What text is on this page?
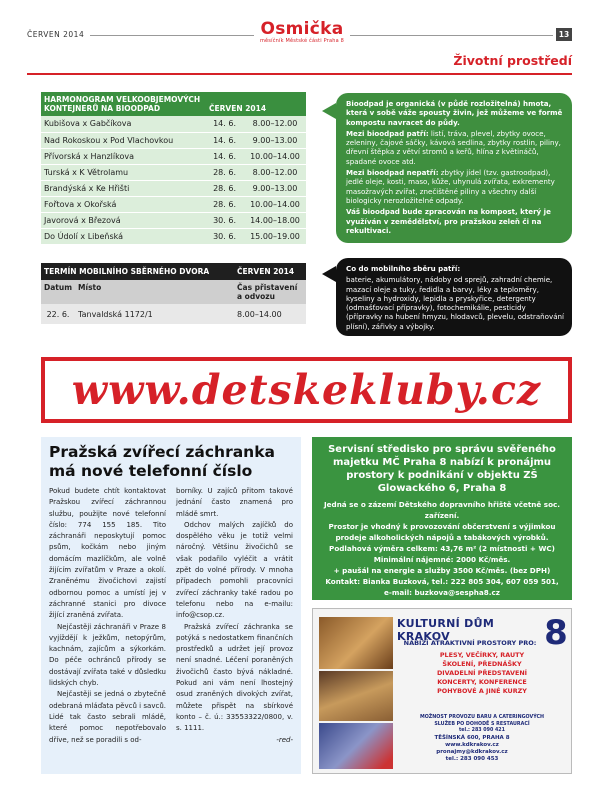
ČERVEN 2014	Osmička
měsíčník Městské části Praha 8
13
Životní prostředí
HARMONOGRAM VELKOOBJEMOVÝCH KONTEJNERŮ NA BIOODPAD	ČERVEN 2014	
Kubišova x Gabčíkova	14. 6.	8.00–12.00
Nad Rokoskou x Pod Vlachovkou	14. 6.	9.00–13.00
Přívorská x Hanzlíkova	14. 6.	10.00–14.00
Turská x K Větrolamu	28. 6.	8.00–12.00
Brandýská x Ke Hřišti	28. 6.	9.00–13.00
Fořtova x Okořská	28. 6.	10.00–14.00
Javorová x Březová	30. 6.	14.00–18.00
Do Údolí x Libeňská	30. 6.	15.00–19.00

Bioodpad je organická (v půdě rozložitelná) hmota, která v sobě váže spousty živin, jež můžeme ve formě kompostu navracet do půdy.

Mezi bioodpad patří: listí, tráva, plevel, zbytky ovoce, zeleniny, čajové sáčky, kávová sedlina, zbytky rostlin, piliny, dřevní štěpka z větví stromů a keřů, hlína z květináčů, spadané ovoce atd.

Mezi bioodpad nepatří: zbytky jídel (tzv. gastroodpad), jedlé oleje, kosti, maso, kůže, uhynulá zvířata, exkrementy masožravých zvířat, znečištěné piliny a všechny další biologicky nerozložitelné odpady.

Váš bioodpad bude zpracován na kompost, který je využíván v zemědělství, pro pražskou zeleň či na rekultivaci.

TERMÍN MOBILNÍHO SBĚRNÉHO DVORA		ČERVEN 2014
Datum	Místo	Čas přistavení a odvozu
22. 6.	Tanvaldská 1172/1	8.00–14.00

Co do mobilního sběru patří:

baterie, akumulátory, nádoby od sprejů, zahradní chemie, mazací oleje a tuky, ředidla a barvy, léky a teploměry, kyseliny a hydroxidy, lepidla a pryskyřice, detergenty (odmašťovací přípravky), fotochemikálie, pesticidy (přípravky na hubení hmyzu, hlodavců, plevelu, odstraňování plísní), zářivky a výbojky.

www.detskekluby.cz
Pražská zvířecí záchranka má nové telefonní číslo

Pokud budete chtít kontaktovat Pražskou zvířecí záchrannou službu, použijte nové telefonní číslo: 774 155 185. Tito záchranáři neposkytují pomoc psům, kočkám nebo jiným domácím mazlíčkům, ale volně žijícím zvířatům v Praze a okolí. Zraněnému živočichovi zajistí odbornou pomoc a umístí jej v záchranné stanici pro divoce žijící zraněná zvířata.

Nejčastěji záchranáři v Praze 8 vyjíždějí k ježkům, netopýrům, kachnám, zajícům a sýkorkám. Do péče ochránců přírody se dostávají zvířata také v důsledku lidských chyb.

Nejčastěji se jedná o zbytečně odebraná mláďata pěvců i savců. Lidé tak často sebrali mládě, které pomoc nepotřebovalo dříve, než se poradili s od-

borníky. U zajíců přitom takové jednání často znamená pro mládě smrt.

Odchov malých zajíčků do dospělého věku je totiž velmi náročný. Většinu živočichů se však podařilo vyléčit a vrátit zpět do volné přírody. V mnoha případech pomohli pracovníci zvířecí záchranky také radou po telefonu nebo na e-mailu: info@csop.cz.

Pražská zvířecí záchranka se potýká s nedostatkem finančních prostředků a udržet její provoz není snadné. Léčení poraněných živočichů často bývá nákladné. Pokud ani vám není lhostejný osud zraněných divokých zvířat, můžete přispět na sbírkové konto – č. ú.: 33553322/0800, v. s. 1111.

-red-

Servisní středisko pro správu svěřeného majetku MČ Praha 8 nabízí k pronájmu prostory k podnikání v objektu ZŠ Glowackého 6, Praha 8
Jedná se o zázemí Dětského dopravního hřiště včetně soc. zařízení.
Prostor je vhodný k provozování občerstvení s výjimkou prodeje alkoholických nápojů a tabákových výrobků.
Podlahová výměra celkem: 43,76 m² (2 místnosti + WC)
Minimální nájemné: 2000 Kč/měs.
+ paušál na energie a služby 3500 Kč/měs. (bez DPH)
Kontakt: Bianka Buzková, tel.: 222 805 304, 607 059 501,
e-mail: buzkova@sespha8.cz
KULTURNÍ DŮM KRAKOV	8
NABÍZÍ ATRAKTIVNÍ PROSTORY PRO:
PLESY, VEČÍRKY, RAUTY
ŠKOLENÍ, PŘEDNÁŠKY
DIVADELNÍ PŘEDSTAVENÍ
KONCERTY, KONFERENCE
POHYBOVÉ A JINÉ KURZY
MOŽNOST PROVOZU BARU A CATERINGOVÝCH
SLUŽEB PO DOHODĚ S RESTAURACÍ
tel.: 283 090 421
TĚŠÍNSKÁ 600, PRAHA 8
www.kdkrakov.cz
pronajmy@kdkrakov.cz
tel.: 283 090 453
